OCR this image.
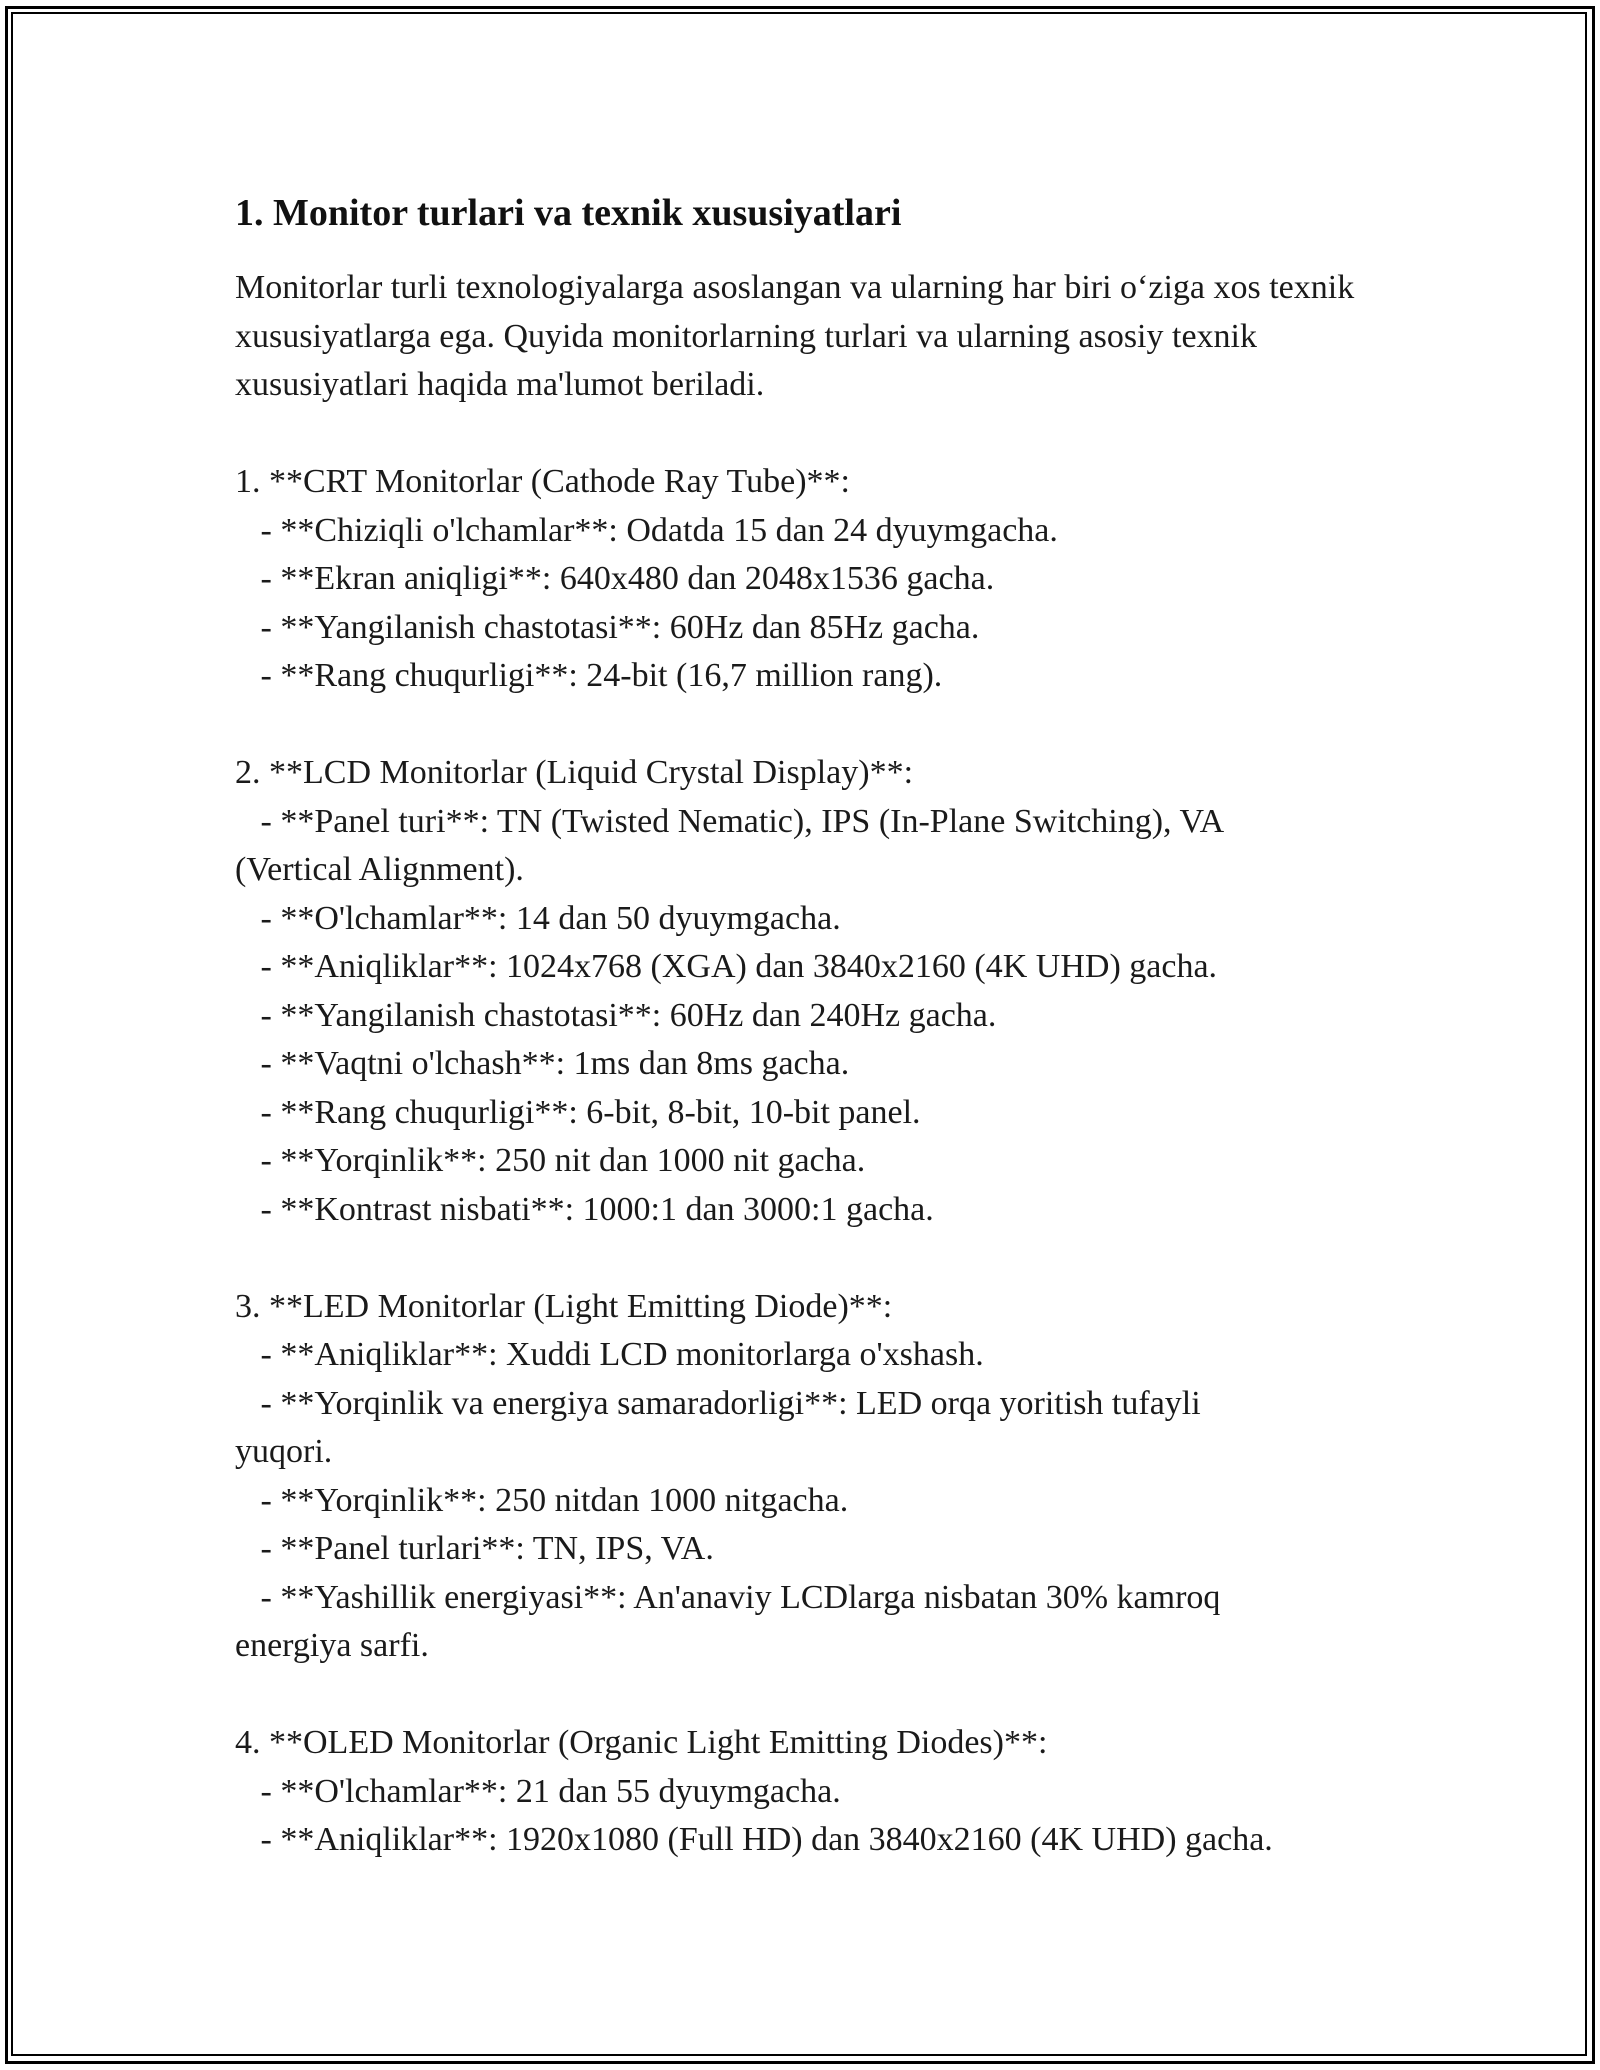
1. Monitor turlari va texnik xususiyatlari

Monitorlar turli texnologiyalarga asoslangan va ularning har biri o‘ziga xos texnik xususiyatlarga ega. Quyida monitorlarning turlari va ularning asosiy texnik xususiyatlari haqida ma'lumot beriladi.

1. **CRT Monitorlar (Cathode Ray Tube)**:

- **Chiziqli o'lchamlar**: Odatda 15 dan 24 dyuymgacha.

- **Ekran aniqligi**: 640x480 dan 2048x1536 gacha.

- **Yangilanish chastotasi**: 60Hz dan 85Hz gacha.

- **Rang chuqurligi**: 24-bit (16,7 million rang).

2. **LCD Monitorlar (Liquid Crystal Display)**:

- **Panel turi**: TN (Twisted Nematic), IPS (In-Plane Switching), VA
(Vertical Alignment).

- **O'lchamlar**: 14 dan 50 dyuymgacha.

- **Aniqliklar**: 1024x768 (XGA) dan 3840x2160 (4K UHD) gacha.

- **Yangilanish chastotasi**: 60Hz dan 240Hz gacha.

- **Vaqtni o'lchash**: 1ms dan 8ms gacha.

- **Rang chuqurligi**: 6-bit, 8-bit, 10-bit panel.

- **Yorqinlik**: 250 nit dan 1000 nit gacha.

- **Kontrast nisbati**: 1000:1 dan 3000:1 gacha.

3. **LED Monitorlar (Light Emitting Diode)**:

- **Aniqliklar**: Xuddi LCD monitorlarga o'xshash.

- **Yorqinlik va energiya samaradorligi**: LED orqa yoritish tufayli
yuqori.

- **Yorqinlik**: 250 nitdan 1000 nitgacha.

- **Panel turlari**: TN, IPS, VA.

- **Yashillik energiyasi**: An'anaviy LCDlarga nisbatan 30% kamroq
energiya sarfi.

4. **OLED Monitorlar (Organic Light Emitting Diodes)**:

- **O'lchamlar**: 21 dan 55 dyuymgacha.

- **Aniqliklar**: 1920x1080 (Full HD) dan 3840x2160 (4K UHD) gacha.
